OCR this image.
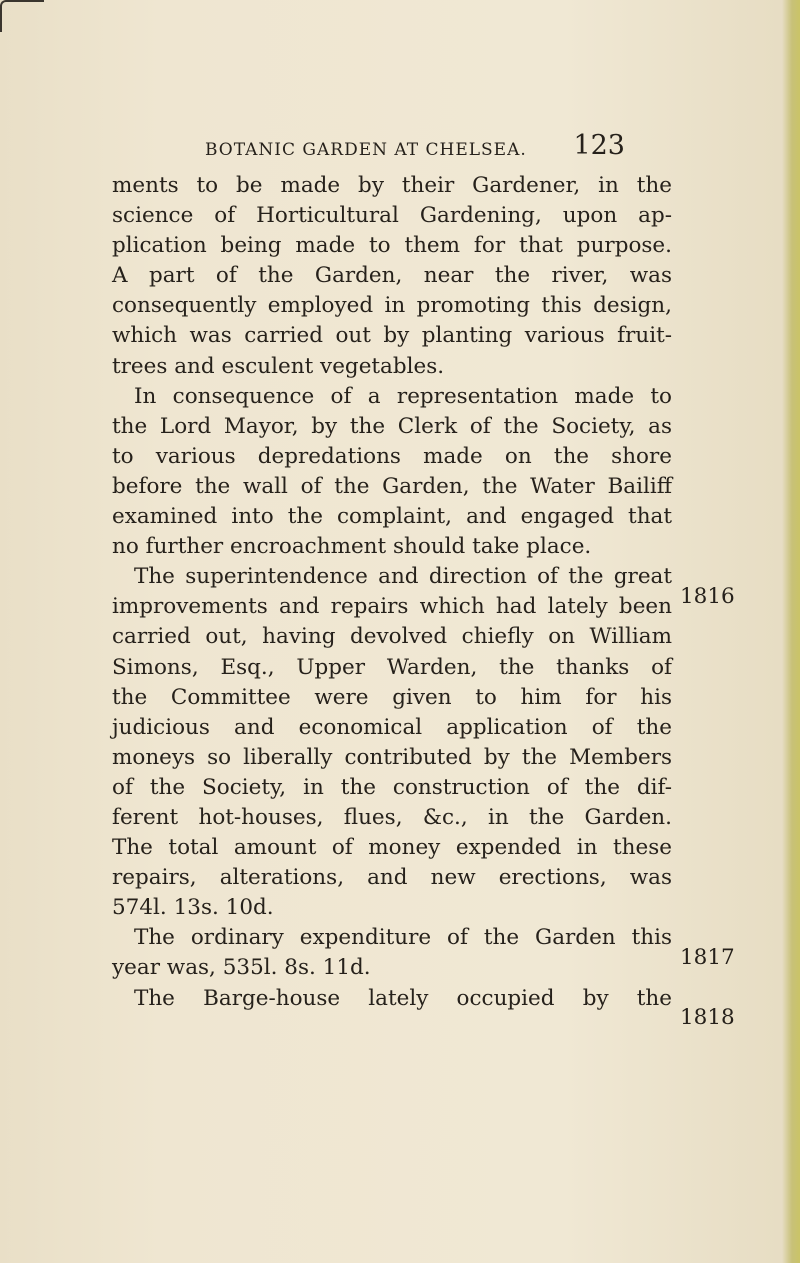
BOTANIC GARDEN AT CHELSEA. 123
ments to be made by their Gardener, in the
science of Horticultural Gardening, upon ap-
plication being made to them for that purpose.
A part of the Garden, near the river, was
consequently employed in promoting this design,
which was carried out by planting various fruit-
trees and esculent vegetables.
In consequence of a representation made to
the Lord Mayor, by the Clerk of the Society, as
to various depredations made on the shore
before the wall of the Garden, the Water Bailiff
examined into the complaint, and engaged that
no further encroachment should take place.
The superintendence and direction of the great
improvements and repairs which had lately been
carried out, having devolved chiefly on William
Simons, Esq., Upper Warden, the thanks of
the Committee were given to him for his
judicious and economical application of the
moneys so liberally contributed by the Members
of the Society, in the construction of the dif-
ferent hot-houses, flues, &c., in the Garden.
The total amount of money expended in these
repairs, alterations, and new erections, was
574l. 13s. 10d.
The ordinary expenditure of the Garden this
year was, 535l. 8s. 11d.
The Barge-house lately occupied by the
1816
1817
1818
